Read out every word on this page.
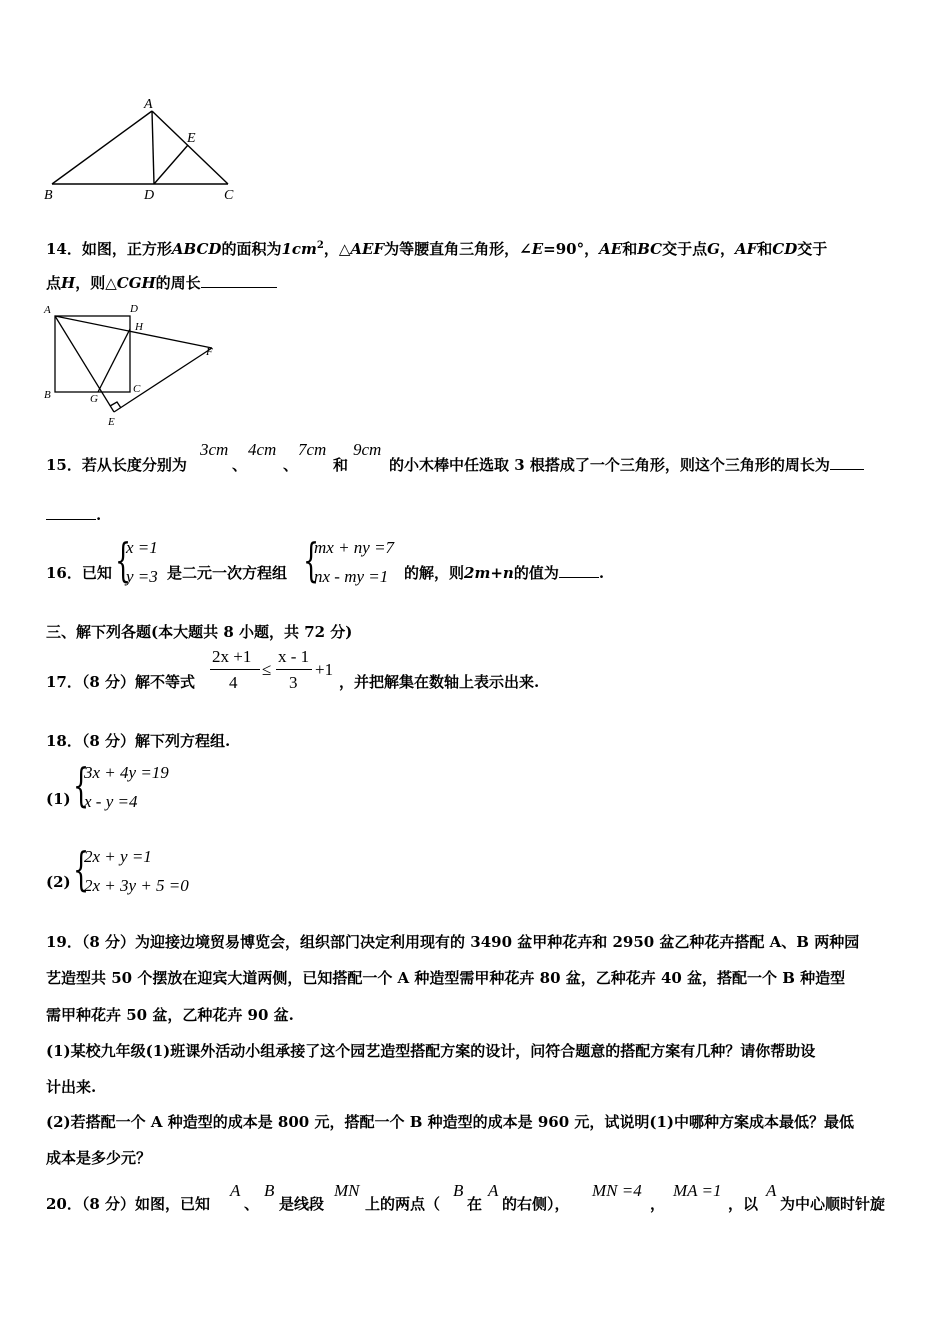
A
B	C
D
E
14．如图，正方形ABCD的面积为$1cm^2$，△AEF为等腰直角三角形，∠E=90°，AE和BC交于点G，AF和CD交于
点H，则△CGH的周长
A	D
H
F
B	G
C
E
15．若从长度分别为
3cm
、
4cm
、
7cm
和
9cm
的小木棒中任选取 3 根搭成了一个三角形，则这个三角形的周长为
.
16．已知 {
x =1
y =3 是二元一次方程组 {
mx + ny =7
nx - my =1 的解，则2m+n的值为	.
三、解下列各题(本大题共 8 小题，共 72 分)
17．（8 分）解不等式
2x +1
4
≤
x - 1
3
+1
，并把解集在数轴上表示出来.
18．（8 分）解下列方程组.
(1) {
3x + 4y =19
x - y =4
(2) {
2x + y =1
2x + 3y + 5 =0
19．（8 分）为迎接边境贸易博览会，组织部门决定利用现有的 3490 盆甲种花卉和 2950 盆乙种花卉搭配 A、B 两种园
艺造型共 50 个摆放在迎宾大道两侧，已知搭配一个 A 种造型需甲种花卉 80 盆，乙种花卉 40 盆，搭配一个 B 种造型
需甲种花卉 50 盆，乙种花卉 90 盆.
(1)某校九年级(1)班课外活动小组承接了这个园艺造型搭配方案的设计，问符合题意的搭配方案有几种？请你帮助设
计出来.
(2)若搭配一个 A 种造型的成本是 800 元，搭配一个 B 种造型的成本是 960 元，试说明(1)中哪种方案成本最低？最低
成本是多少元？
20．（8 分）如图，已知
A
、
B
是线段
MN
上的两点（
B
在
A
的右侧），
MN =4
，
MA =1
，以
A
为中心顺时针旋
